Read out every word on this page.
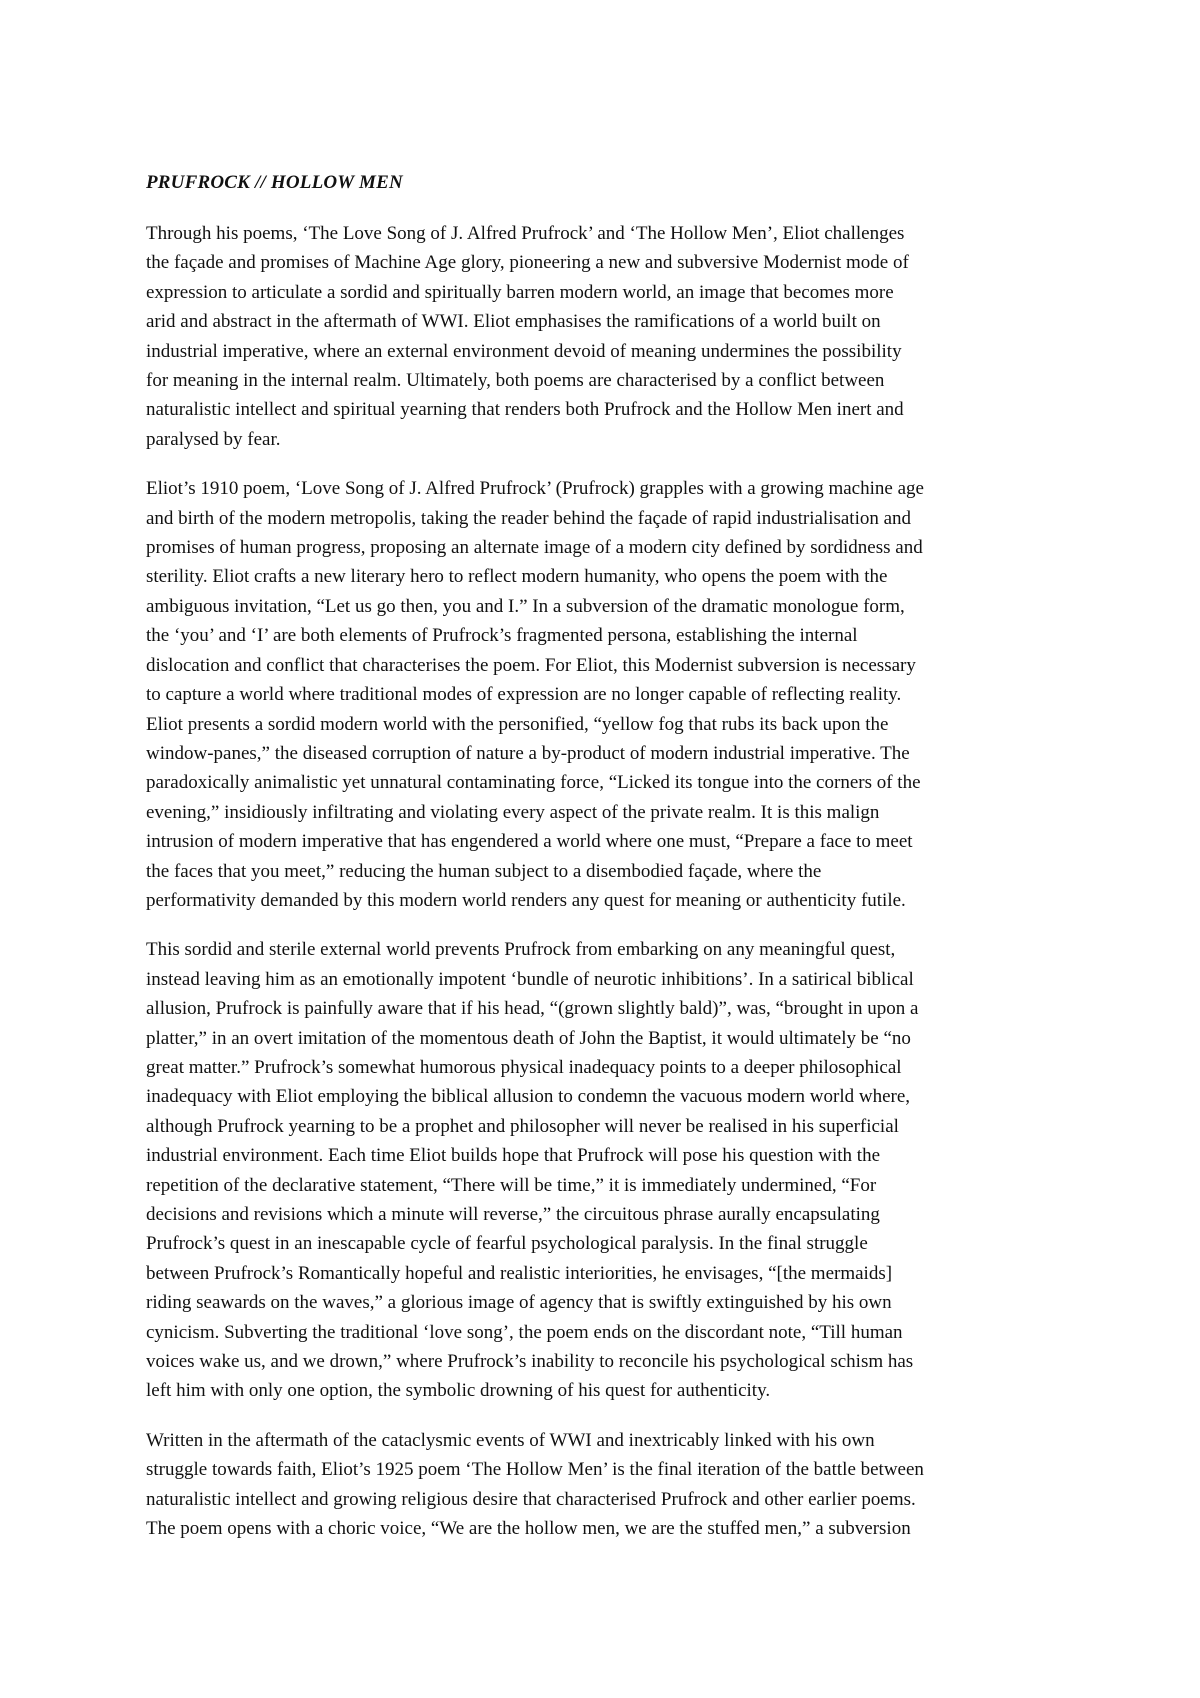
PRUFROCK // HOLLOW MEN
Through his poems, ‘The Love Song of J. Alfred Prufrock’ and ‘The Hollow Men’, Eliot challenges
the façade and promises of Machine Age glory, pioneering a new and subversive Modernist mode of
expression to articulate a sordid and spiritually barren modern world, an image that becomes more
arid and abstract in the aftermath of WWI. Eliot emphasises the ramifications of a world built on
industrial imperative, where an external environment devoid of meaning undermines the possibility
for meaning in the internal realm. Ultimately, both poems are characterised by a conflict between
naturalistic intellect and spiritual yearning that renders both Prufrock and the Hollow Men inert and
paralysed by fear.
Eliot’s 1910 poem, ‘Love Song of J. Alfred Prufrock’ (Prufrock) grapples with a growing machine age
and birth of the modern metropolis, taking the reader behind the façade of rapid industrialisation and
promises of human progress, proposing an alternate image of a modern city defined by sordidness and
sterility. Eliot crafts a new literary hero to reflect modern humanity, who opens the poem with the
ambiguous invitation, “Let us go then, you and I.” In a subversion of the dramatic monologue form,
the ‘you’ and ‘I’ are both elements of Prufrock’s fragmented persona, establishing the internal
dislocation and conflict that characterises the poem. For Eliot, this Modernist subversion is necessary
to capture a world where traditional modes of expression are no longer capable of reflecting reality.
Eliot presents a sordid modern world with the personified, “yellow fog that rubs its back upon the
window-panes,” the diseased corruption of nature a by-product of modern industrial imperative. The
paradoxically animalistic yet unnatural contaminating force, “Licked its tongue into the corners of the
evening,” insidiously infiltrating and violating every aspect of the private realm. It is this malign
intrusion of modern imperative that has engendered a world where one must, “Prepare a face to meet
the faces that you meet,” reducing the human subject to a disembodied façade, where the
performativity demanded by this modern world renders any quest for meaning or authenticity futile.
This sordid and sterile external world prevents Prufrock from embarking on any meaningful quest,
instead leaving him as an emotionally impotent ‘bundle of neurotic inhibitions’. In a satirical biblical
allusion, Prufrock is painfully aware that if his head, “(grown slightly bald)”, was, “brought in upon a
platter,” in an overt imitation of the momentous death of John the Baptist, it would ultimately be “no
great matter.” Prufrock’s somewhat humorous physical inadequacy points to a deeper philosophical
inadequacy with Eliot employing the biblical allusion to condemn the vacuous modern world where,
although Prufrock yearning to be a prophet and philosopher will never be realised in his superficial
industrial environment. Each time Eliot builds hope that Prufrock will pose his question with the
repetition of the declarative statement, “There will be time,” it is immediately undermined, “For
decisions and revisions which a minute will reverse,” the circuitous phrase aurally encapsulating
Prufrock’s quest in an inescapable cycle of fearful psychological paralysis. In the final struggle
between Prufrock’s Romantically hopeful and realistic interiorities, he envisages, “[the mermaids]
riding seawards on the waves,” a glorious image of agency that is swiftly extinguished by his own
cynicism. Subverting the traditional ‘love song’, the poem ends on the discordant note, “Till human
voices wake us, and we drown,” where Prufrock’s inability to reconcile his psychological schism has
left him with only one option, the symbolic drowning of his quest for authenticity.
Written in the aftermath of the cataclysmic events of WWI and inextricably linked with his own
struggle towards faith, Eliot’s 1925 poem ‘The Hollow Men’ is the final iteration of the battle between
naturalistic intellect and growing religious desire that characterised Prufrock and other earlier poems.
The poem opens with a choric voice, “We are the hollow men, we are the stuffed men,” a subversion
